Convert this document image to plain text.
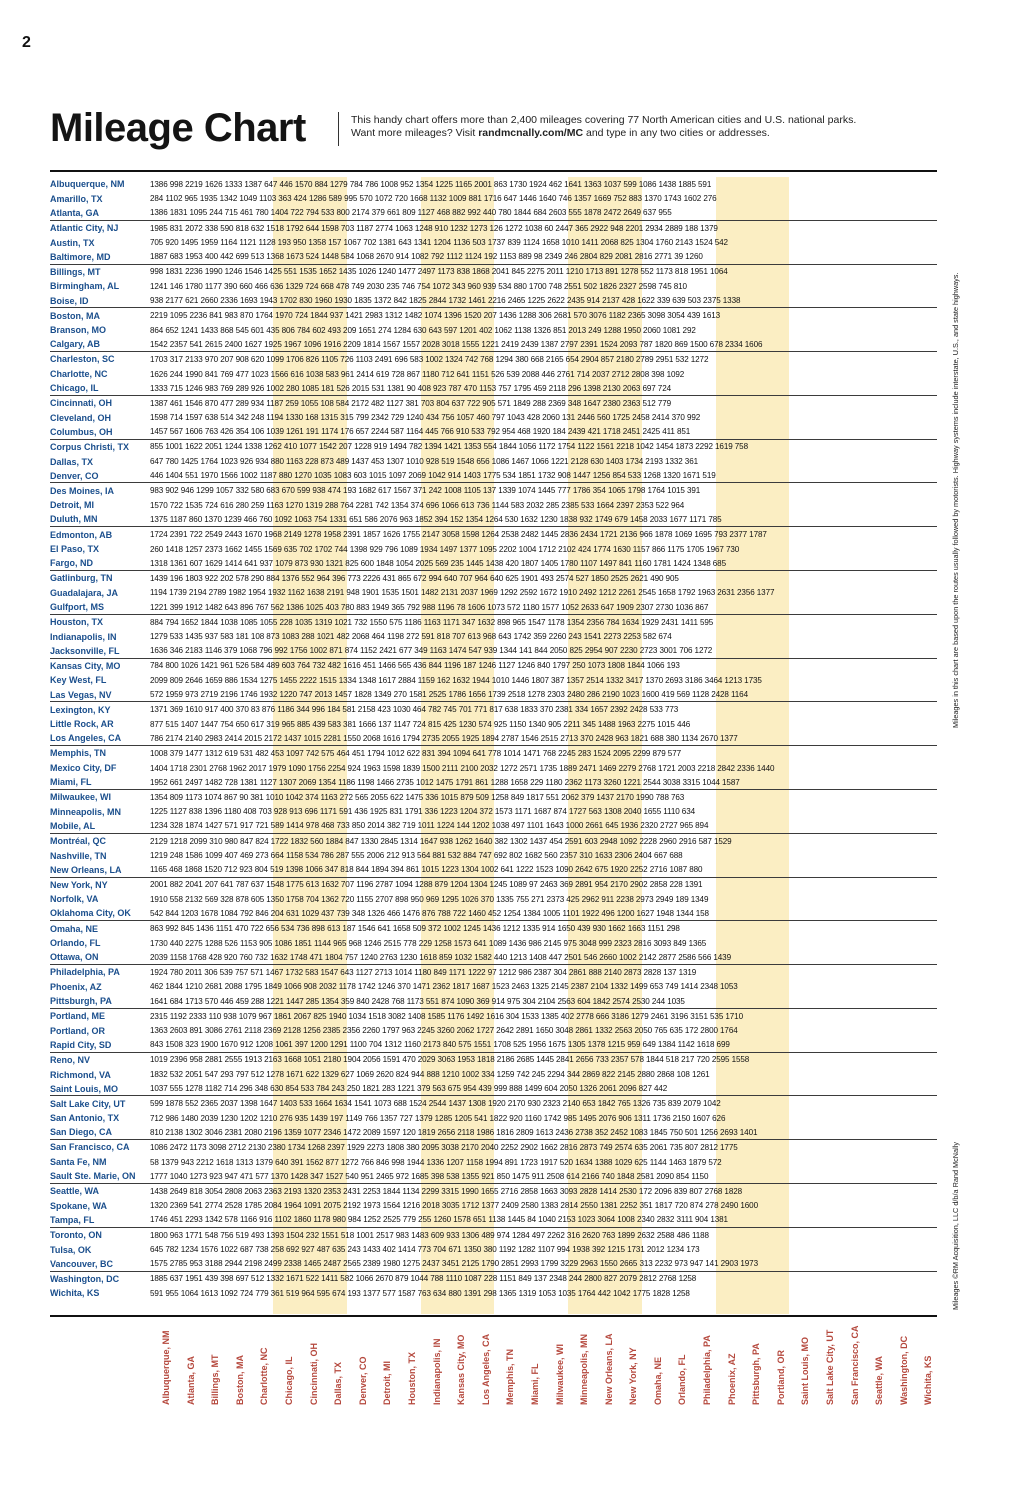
2
Mileage Chart	This handy chart offers more than 2,400 mileages covering 77 North American cities and U.S. national parks.
Want more mileages? Visit randmcnally.com/MC and type in any two cities or addresses.
Albuquerque, NM	1386 998 2219 1626 1333 1387 647 446 1570 884 1279 784 786 1008 952 1354 1225 1165 2001 863 1730 1924 462 1641 1363 1037 599 1086 1438 1885 591
Amarillo, TX	284 1102 965 1935 1342 1049 1103 363 424 1286 589 995 570 1072 720 1668 1132 1009 881 1716 647 1446 1640 746 1357 1669 752 883 1370 1743 1602 276
Atlanta, GA	1386 1831 1095 244 715 461 780 1404 722 794 533 800 2174 379 661 809 1127 468 882 992 440 780 1844 684 2603 555 1878 2472 2649 637 955
Atlantic City, NJ	1985 831 2072 338 590 818 632 1518 1792 644 1598 703 1187 2774 1063 1248 910 1232 1273 126 1272 1038 60 2447 365 2922 948 2201 2934 2889 188 1379
Austin, TX	705 920 1495 1959 1164 1121 1128 193 950 1358 157 1067 702 1381 643 1341 1204 1136 503 1737 839 1124 1658 1010 1411 2068 825 1304 1760 2143 1524 542
Baltimore, MD	1887 683 1953 400 442 699 513 1368 1673 524 1448 584 1068 2670 914 1082 792 1112 1124 192 1153 889 98 2349 246 2804 829 2081 2816 2771 39 1260
Billings, MT	998 1831 2236 1990 1246 1546 1425 551 1535 1652 1435 1026 1240 1477 2497 1173 838 1868 2041 845 2275 2011 1210 1713 891 1278 552 1173 818 1951 1064
Birmingham, AL	1241 146 1780 1177 390 660 466 636 1329 724 668 478 749 2030 235 746 754 1072 343 960 939 534 880 1700 748 2551 502 1826 2327 2598 745 810
Boise, ID	938 2177 621 2660 2336 1693 1943 1702 830 1960 1930 1835 1372 842 1825 2844 1732 1461 2216 2465 1225 2622 2435 914 2137 428 1622 339 639 503 2375 1338
Boston, MA	2219 1095 2236 841 983 870 1764 1970 724 1844 937 1421 2983 1312 1482 1074 1396 1520 207 1436 1288 306 2681 570 3076 1182 2365 3098 3054 439 1613
Branson, MO	864 652 1241 1433 868 545 601 435 806 784 602 493 209 1651 274 1284 630 643 597 1201 402 1062 1138 1326 851 2013 249 1288 1950 2060 1081 292
Calgary, AB	1542 2357 541 2615 2400 1627 1925 1967 1096 1916 2209 1814 1567 1557 2028 3018 1555 1221 2419 2439 1387 2797 2391 1524 2093 787 1820 869 1500 678 2334 1606
Charleston, SC	1703 317 2133 970 207 908 620 1099 1706 826 1105 726 1103 2491 696 583 1002 1324 742 768 1294 380 668 2165 654 2904 857 2180 2789 2951 532 1272
Charlotte, NC	1626 244 1990 841 769 477 1023 1566 616 1038 583 961 2414 619 728 867 1180 712 641 1151 526 539 2088 446 2761 714 2037 2712 2808 398 1092
Chicago, IL	1333 715 1246 983 769 289 926 1002 280 1085 181 526 2015 531 1381 90 408 923 787 470 1153 757 1795 459 2118 296 1398 2130 2063 697 724
Cincinnati, OH	1387 461 1546 870 477 289 934 1187 259 1055 108 584 2172 482 1127 381 703 804 637 722 905 571 1849 288 2369 348 1647 2380 2363 512 779
Cleveland, OH	1598 714 1597 638 514 342 248 1194 1330 168 1315 315 799 2342 729 1240 434 756 1057 460 797 1043 428 2060 131 2446 560 1725 2458 2414 370 992
Columbus, OH	1457 567 1606 763 426 354 106 1039 1261 191 1174 176 657 2244 587 1164 445 766 910 533 792 954 468 1920 184 2439 421 1718 2451 2425 411 851
Corpus Christi, TX	855 1001 1622 2051 1244 1338 1262 410 1077 1542 207 1228 919 1494 782 1394 1421 1353 554 1844 1056 1172 1754 1122 1561 2218 1042 1454 1873 2292 1619 758
Dallas, TX	647 780 1425 1764 1023 926 934 880 1163 228 873 489 1437 453 1307 1010 928 519 1548 656 1086 1467 1066 1221 2128 630 1403 1734 2193 1332 361
Denver, CO	446 1404 551 1970 1566 1002 1187 880 1270 1035 1083 603 1015 1097 2069 1042 914 1403 1775 534 1851 1732 908 1447 1256 854 533 1268 1320 1671 519
Des Moines, IA	983 902 946 1299 1057 332 580 683 670 599 938 474 193 1682 617 1567 371 242 1008 1105 137 1339 1074 1445 777 1786 354 1065 1798 1764 1015 391
Detroit, MI	1570 722 1535 724 616 280 259 1163 1270 1319 288 764 2281 742 1354 374 696 1066 613 736 1144 583 2032 285 2385 533 1664 2397 2353 522 964
Duluth, MN	1375 1187 860 1370 1239 466 760 1092 1063 754 1331 651 586 2076 963 1852 394 152 1354 1264 530 1632 1230 1838 932 1749 679 1458 2033 1677 1171 785
Edmonton, AB	1724 2391 722 2549 2443 1670 1968 2149 1278 1958 2391 1857 1626 1755 2147 3058 1598 1264 2538 2482 1445 2836 2434 1721 2136 966 1878 1069 1695 793 2377 1787
El Paso, TX	260 1418 1257 2373 1662 1455 1569 635 702 1702 744 1398 929 796 1089 1934 1497 1377 1095 2202 1004 1712 2102 424 1774 1630 1157 866 1175 1705 1967 730
Fargo, ND	1318 1361 607 1629 1414 641 937 1079 873 930 1321 825 600 1848 1054 2025 569 235 1445 1438 420 1807 1405 1780 1107 1497 841 1160 1781 1424 1348 685
Gatlinburg, TN	1439 196 1803 922 202 578 290 884 1376 552 964 396 773 2226 431 865 672 994 640 707 964 640 625 1901 493 2574 527 1850 2525 2621 490 905
Guadalajara, JA	1194 1739 2194 2789 1982 1954 1932 1162 1638 2191 948 1901 1535 1501 1482 2131 2037 1969 1292 2592 1672 1910 2492 1212 2261 2545 1658 1792 1963 2631 2356 1377
Gulfport, MS	1221 399 1912 1482 643 896 767 562 1386 1025 403 780 883 1949 365 792 988 1196 78 1606 1073 572 1180 1577 1052 2633 647 1909 2307 2730 1036 867
Houston, TX	884 794 1652 1844 1038 1085 1055 228 1035 1319 1021 732 1550 575 1186 1163 1171 347 1632 898 965 1547 1178 1354 2356 784 1634 1929 2431 1411 595
Indianapolis, IN	1279 533 1435 937 583 181 108 873 1083 288 1021 482 2068 464 1198 272 591 818 707 613 968 643 1742 359 2260 243 1541 2273 2253 582 674
Jacksonville, FL	1636 346 2183 1146 379 1068 796 992 1756 1002 871 874 1152 2421 677 349 1163 1474 547 939 1344 141 844 2050 825 2954 907 2230 2723 3001 706 1272
Kansas City, MO	784 800 1026 1421 961 526 584 489 603 764 732 482 1616 451 1466 565 436 844 1196 187 1246 1127 1246 840 1797 250 1073 1808 1844 1066 193
Key West, FL	2099 809 2646 1659 886 1534 1275 1455 2222 1515 1334 1348 1617 2884 1159 162 1632 1944 1010 1446 1807 387 1357 2514 1332 3417 1370 2693 3186 3464 1213 1735
Las Vegas, NV	572 1959 973 2719 2196 1746 1932 1220 747 2013 1457 1828 1349 270 1581 2525 1786 1656 1739 2518 1278 2303 2480 286 2190 1023 1600 419 569 1128 2428 1164
Lexington, KY	1371 369 1610 917 400 370 83 876 1186 344 996 184 581 2158 423 1030 464 782 745 701 771 817 638 1833 370 2381 334 1657 2392 2428 533 773
Little Rock, AR	877 515 1407 1447 754 650 617 319 965 885 439 583 381 1666 137 1147 724 815 425 1230 574 925 1150 1340 905 2211 345 1488 1963 2275 1015 446
Los Angeles, CA	786 2174 2140 2983 2414 2015 2172 1437 1015 2281 1550 2068 1616 1794 2735 2055 1925 1894 2787 1546 2515 2713 370 2428 963 1821 688 380 1134 2670 1377
Memphis, TN	1008 379 1477 1312 619 531 482 453 1097 742 575 464 451 1794 1012 622 831 394 1094 641 778 1014 1471 768 2245 283 1524 2095 2299 879 577
Mexico City, DF	1404 1718 2301 2768 1962 2017 1979 1090 1756 2254 924 1963 1598 1839 1500 2111 2100 2032 1272 2571 1735 1889 2471 1469 2279 2768 1721 2003 2218 2842 2336 1440
Miami, FL	1952 661 2497 1482 728 1381 1127 1307 2069 1354 1186 1198 1466 2735 1012 1475 1791 861 1288 1658 229 1180 2362 1173 3260 1221 2544 3038 3315 1044 1587
Milwaukee, WI	1354 809 1173 1074 867 90 381 1010 1042 374 1163 272 565 2055 622 1475 336 1015 879 509 1258 849 1817 551 2062 379 1437 2170 1990 788 763
Minneapolis, MN	1225 1127 838 1396 1180 408 703 928 913 696 1171 591 436 1925 831 1791 336 1223 1204 372 1573 1171 1687 874 1727 563 1308 2040 1655 1110 634
Mobile, AL	1234 328 1874 1427 571 917 721 589 1414 978 468 733 850 2014 382 719 1011 1224 144 1202 1038 497 1101 1643 1000 2661 645 1936 2320 2727 965 894
Montréal, QC	2129 1218 2099 310 980 847 824 1722 1832 560 1884 847 1330 2845 1314 1647 938 1262 1640 382 1302 1437 454 2591 603 2948 1092 2228 2960 2916 587 1529
Nashville, TN	1219 248 1586 1099 407 469 273 664 1158 534 786 287 555 2006 212 913 564 881 532 884 747 692 802 1682 560 2357 310 1633 2306 2404 667 688
New Orleans, LA	1165 468 1868 1520 712 923 804 519 1398 1066 347 818 844 1894 394 861 1015 1223 1304 1002 641 1222 1523 1090 2642 675 1920 2252 2716 1087 880
New York, NY	2001 882 2041 207 641 787 637 1548 1775 613 1632 707 1196 2787 1094 1288 879 1204 1304 1245 1089 97 2463 369 2891 954 2170 2902 2858 228 1391
Norfolk, VA	1910 558 2132 569 328 878 605 1350 1758 704 1362 720 1155 2707 898 950 969 1295 1026 370 1335 755 271 2373 425 2962 911 2238 2973 2949 189 1349
Oklahoma City, OK	542 844 1203 1678 1084 792 846 204 631 1029 437 739 348 1326 466 1476 876 788 722 1460 452 1254 1384 1005 1101 1922 496 1200 1627 1948 1344 158
Omaha, NE	863 992 845 1436 1151 470 722 656 534 736 898 613 187 1546 641 1658 509 372 1002 1245 1436 1212 1335 914 1650 439 930 1662 1663 1151 298
Orlando, FL	1730 440 2275 1288 526 1153 905 1086 1851 1144 965 968 1246 2515 778 229 1258 1573 641 1089 1436 986 2145 975 3048 999 2323 2816 3093 849 1365
Ottawa, ON	2039 1158 1768 428 920 760 732 1632 1748 471 1804 757 1240 2763 1230 1618 859 1032 1582 440 1213 1408 447 2501 546 2660 1002 2142 2877 2586 566 1439
Philadelphia, PA	1924 780 2011 306 539 757 571 1467 1732 583 1547 643 1127 2713 1014 1180 849 1171 1222 97 1212 986 2387 304 2861 888 2140 2873 2828 137 1319
Phoenix, AZ	462 1844 1210 2681 2088 1795 1849 1066 908 2032 1178 1742 1246 370 1471 2362 1817 1687 1523 2463 1325 2145 2387 2104 1332 1499 653 749 1414 2348 1053
Pittsburgh, PA	1641 684 1713 570 446 459 288 1221 1447 285 1354 359 840 2428 768 1173 551 874 1090 369 914 975 304 2104 2563 604 1842 2574 2530 244 1035
Portland, ME	2315 1192 2333 110 938 1079 967 1861 2067 825 1940 1034 1518 3082 1408 1585 1176 1492 1616 304 1533 1385 402 2778 666 3186 1279 2461 3196 3151 535 1710
Portland, OR	1363 2603 891 3086 2761 2118 2369 2128 1256 2385 2356 2260 1797 963 2245 3260 2062 1727 2642 2891 1650 3048 2861 1332 2563 2050 765 635 172 2800 1764
Rapid City, SD	843 1508 323 1900 1670 912 1208 1061 397 1200 1291 1100 704 1312 1160 2173 840 575 1551 1708 525 1956 1675 1305 1378 1215 959 649 1384 1142 1618 699
Reno, NV	1019 2396 958 2881 2555 1913 2163 1668 1051 2180 1904 2056 1591 470 2029 3063 1953 1818 2186 2685 1445 2841 2656 733 2357 578 1844 518 217 720 2595 1558
Richmond, VA	1832 532 2051 547 293 797 512 1278 1671 622 1329 627 1069 2620 824 944 888 1210 1002 334 1259 742 245 2294 344 2869 822 2145 2880 2868 108 1261
Saint Louis, MO	1037 555 1278 1182 714 296 348 630 854 533 784 243 250 1821 283 1221 379 563 675 954 439 999 888 1499 604 2050 1326 2061 2096 827 442
Salt Lake City, UT	599 1878 552 2365 2037 1398 1647 1403 533 1664 1634 1541 1073 688 1524 2544 1437 1308 1920 2170 930 2323 2140 653 1842 765 1326 735 839 2079 1042
San Antonio, TX	712 986 1480 2039 1230 1202 1210 276 935 1439 197 1149 766 1357 727 1379 1285 1205 541 1822 920 1160 1742 985 1495 2076 906 1311 1736 2150 1607 626
San Diego, CA	810 2138 1302 3046 2381 2080 2196 1359 1077 2346 1472 2089 1597 120 1819 2656 2118 1986 1816 2809 1613 2436 2738 352 2452 1083 1845 750 501 1256 2693 1401
San Francisco, CA	1086 2472 1173 3098 2712 2130 2380 1734 1268 2397 1929 2273 1808 380 2095 3038 2170 2040 2252 2902 1662 2816 2873 749 2574 635 2061 735 807 2812 1775
Santa Fe, NM	58 1379 943 2212 1618 1313 1379 640 391 1562 877 1272 766 846 998 1944 1336 1207 1158 1994 891 1723 1917 520 1634 1388 1029 625 1144 1463 1879 572
Sault Ste. Marie, ON	1777 1040 1273 923 947 471 577 1370 1428 347 1527 540 951 2465 972 1685 398 538 1355 921 850 1475 911 2508 614 2166 740 1848 2581 2090 854 1150
Seattle, WA	1438 2649 818 3054 2808 2063 2363 2193 1320 2353 2431 2253 1844 1134 2299 3315 1990 1655 2716 2858 1663 3093 2828 1414 2530 172 2096 839 807 2768 1828
Spokane, WA	1320 2369 541 2774 2528 1785 2084 1964 1091 2075 2192 1973 1564 1216 2018 3035 1712 1377 2409 2580 1383 2814 2550 1381 2252 351 1817 720 874 278 2490 1600
Tampa, FL	1746 451 2293 1342 578 1166 916 1102 1860 1178 980 984 1252 2525 779 255 1260 1578 651 1138 1445 84 1040 2153 1023 3064 1008 2340 2832 3111 904 1381
Toronto, ON	1800 963 1771 548 756 519 493 1393 1504 232 1551 518 1001 2517 983 1483 609 933 1306 489 974 1284 497 2262 316 2620 763 1899 2632 2588 486 1188
Tulsa, OK	645 782 1234 1576 1022 687 738 258 692 927 487 635 243 1433 402 1414 773 704 671 1350 380 1192 1282 1107 994 1938 392 1215 1731 2012 1234 173
Vancouver, BC	1575 2785 953 3188 2944 2198 2499 2338 1465 2487 2565 2389 1980 1275 2437 3451 2125 1790 2851 2993 1799 3229 2963 1550 2665 313 2232 973 947 141 2903 1973
Washington, DC	1885 637 1951 439 398 697 512 1332 1671 522 1411 582 1066 2670 879 1044 788 1110 1087 228 1151 849 137 2348 244 2800 827 2079 2812 2768 1258
Wichita, KS	591 955 1064 1613 1092 724 779 361 519 964 595 674 193 1377 577 1587 763 634 880 1391 298 1365 1319 1053 1035 1764 442 1042 1775 1828 1258
Albuquerque, NM Atlanta, GA Billings, MT Boston, MA Charlotte, NC Chicago, IL Cincinnati, OH Dallas, TX Denver, CO Detroit, MI Houston, TX Indianapolis, IN Kansas City, MO Los Angeles, CA Memphis, TN Miami, FL Milwaukee, WI Minneapolis, MN New Orleans, LA New York, NY Omaha, NE Orlando, FL Philadelphia, PA Phoenix, AZ Pittsburgh, PA Portland, OR Saint Louis, MO Salt Lake City, UT San Francisco, CA Seattle, WA Washington, DC Wichita, KS
Mileages in this chart are based upon the routes usually followed by motorists. Highway systems include interstate, U.S., and state highways.
Mileages ©RM Acquisition, LLC d/b/a Rand McNally
